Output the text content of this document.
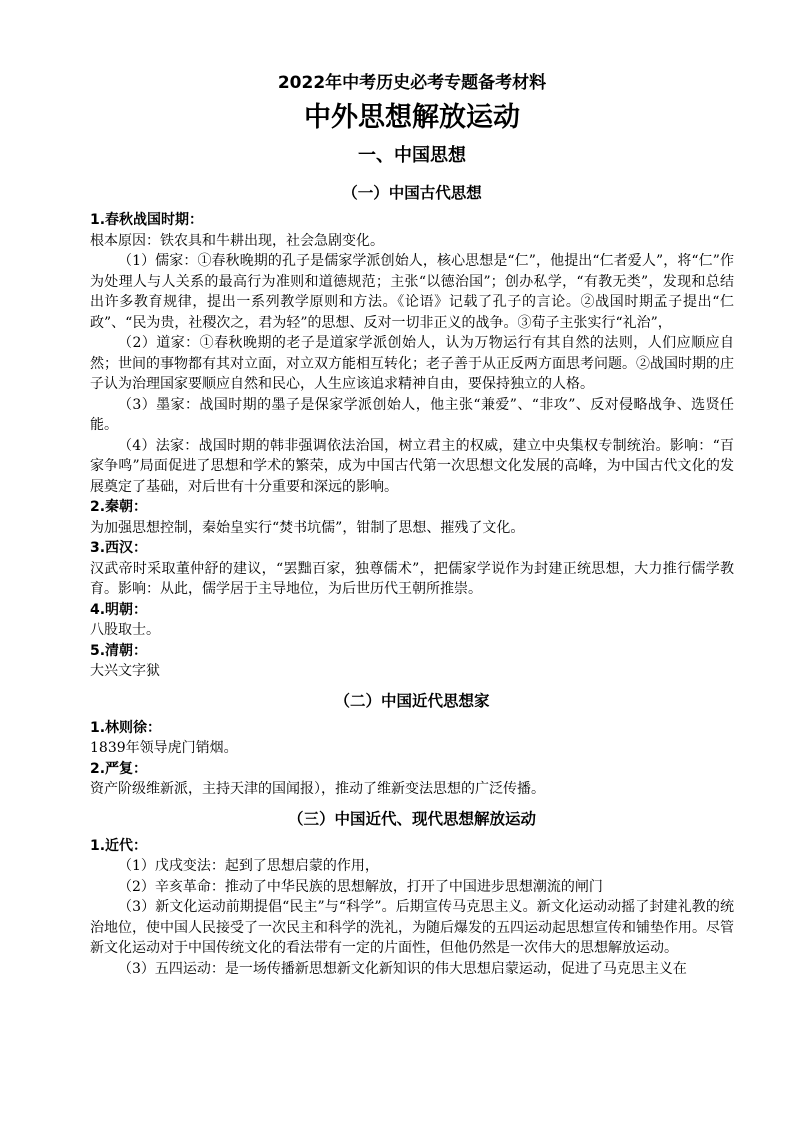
2022年中考历史必考专题备考材料
中外思想解放运动
一、中国思想
（一）中国古代思想
1.春秋战国时期：
根本原因：铁农具和牛耕出现，社会急剧变化。
（1）儒家：①春秋晚期的孔子是儒家学派创始人，核心思想是“仁”，他提出“仁者爱人”，将“仁”作为处理人与人关系的最高行为准则和道德规范；主张“以德治国”；创办私学，“有教无类”，发现和总结出许多教育规律，提出一系列教学原则和方法。《论语》记载了孔子的言论。②战国时期孟子提出“仁政”、“民为贵，社稷次之，君为轻”的思想、反对一切非正义的战争。③荀子主张实行“礼治”，
（2）道家：①春秋晚期的老子是道家学派创始人，认为万物运行有其自然的法则，人们应顺应自然；世间的事物都有其对立面，对立双方能相互转化；老子善于从正反两方面思考问题。②战国时期的庄子认为治理国家要顺应自然和民心，人生应该追求精神自由，要保持独立的人格。
（3）墨家：战国时期的墨子是保家学派创始人，他主张“兼爱”、“非攻”、反对侵略战争、选贤任能。
（4）法家：战国时期的韩非强调依法治国，树立君主的权威，建立中央集权专制统治。影响：“百家争鸣”局面促进了思想和学术的繁荣，成为中国古代第一次思想文化发展的高峰，为中国古代文化的发展奠定了基础，对后世有十分重要和深远的影响。
2.秦朝：
为加强思想控制，秦始皇实行“焚书坑儒”，钳制了思想、摧残了文化。
3.西汉：
汉武帝时采取董仲舒的建议，“罢黜百家，独尊儒术”，把儒家学说作为封建正统思想，大力推行儒学教育。影响：从此，儒学居于主导地位，为后世历代王朝所推崇。
4.明朝：
八股取士。
5.清朝：
大兴文字狱
（二）中国近代思想家
1.林则徐：
1839年领导虎门销烟。
2.严复：
资产阶级维新派，主持天津的国闻报），推动了维新变法思想的广泛传播。
（三）中国近代、现代思想解放运动
1.近代：
（1）戊戌变法：起到了思想启蒙的作用，
（2）辛亥革命：推动了中华民族的思想解放，打开了中国进步思想潮流的闸门
（3）新文化运动前期提倡“民主”与“科学”。后期宣传马克思主义。新文化运动动摇了封建礼教的统治地位，使中国人民接受了一次民主和科学的洗礼，为随后爆发的五四运动起思想宣传和铺垫作用。尽管新文化运动对于中国传统文化的看法带有一定的片面性，但他仍然是一次伟大的思想解放运动。
（3）五四运动：是一场传播新思想新文化新知识的伟大思想启蒙运动，促进了马克思主义在
